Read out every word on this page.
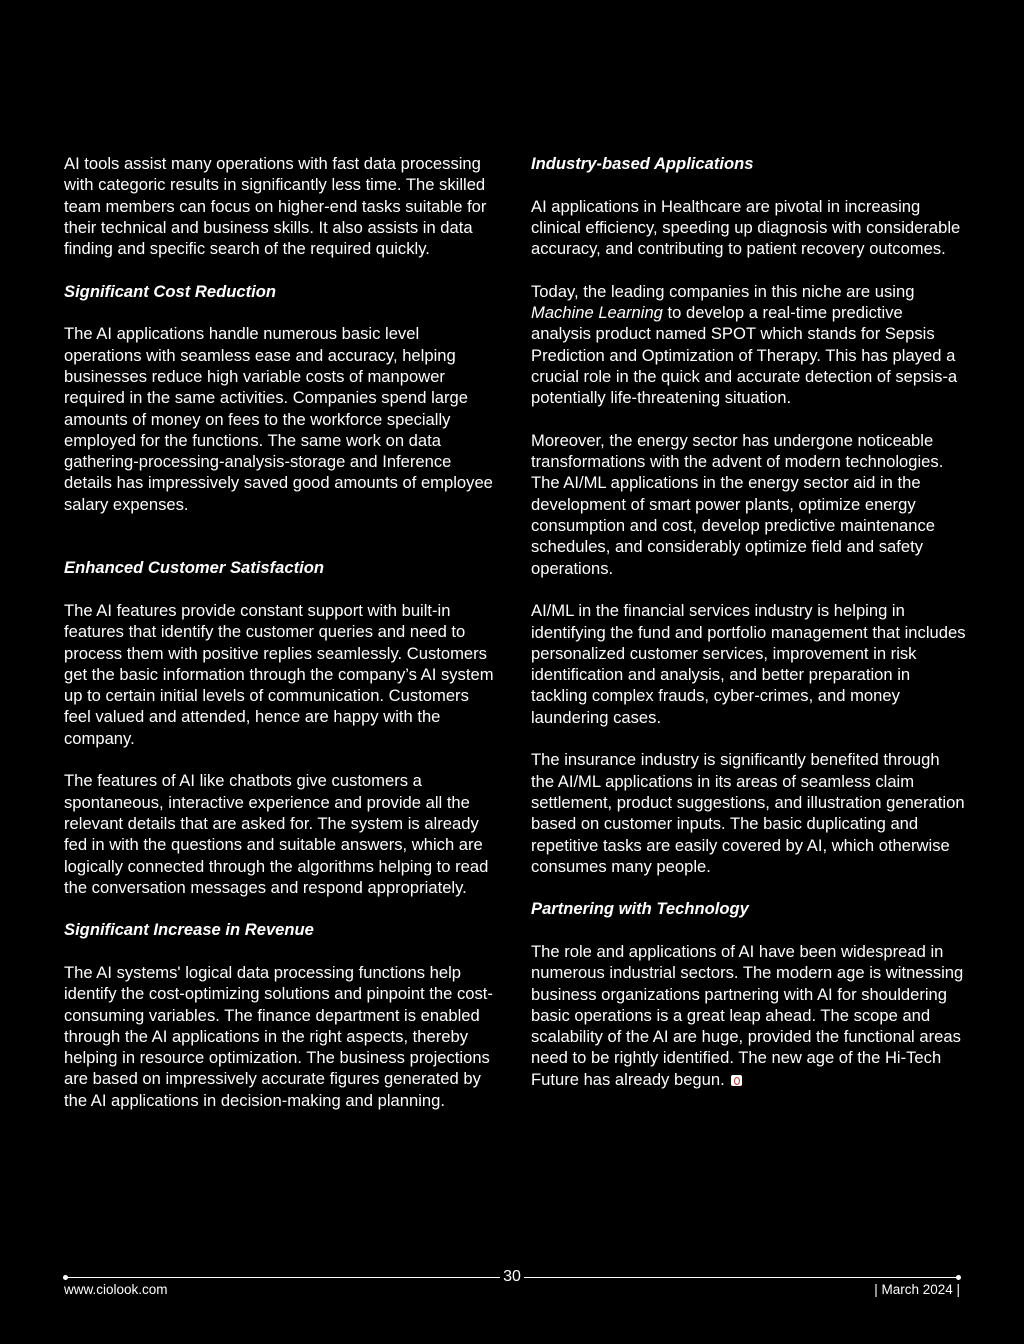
AI tools assist many operations with fast data processing with categoric results in significantly less time. The skilled team members can focus on higher-end tasks suitable for their technical and business skills. It also assists in data finding and specific search of the required quickly.

Significant Cost Reduction

The AI applications handle numerous basic level operations with seamless ease and accuracy, helping businesses reduce high variable costs of manpower required in the same activities. Companies spend large amounts of money on fees to the workforce specially employed for the functions. The same work on data gathering-processing-analysis-storage and Inference details has impressively saved good amounts of employee salary expenses.

Enhanced Customer Satisfaction

The AI features provide constant support with built-in features that identify the customer queries and need to process them with positive replies seamlessly. Customers get the basic information through the company’s AI system up to certain initial levels of communication. Customers feel valued and attended, hence are happy with the company.

The features of AI like chatbots give customers a spontaneous, interactive experience and provide all the relevant details that are asked for. The system is already fed in with the questions and suitable answers, which are logically connected through the algorithms helping to read the conversation messages and respond appropriately.

Significant Increase in Revenue

The AI systems' logical data processing functions help identify the cost-optimizing solutions and pinpoint the cost-consuming variables. The finance department is enabled through the AI applications in the right aspects, thereby helping in resource optimization. The business projections are based on impressively accurate figures generated by the AI applications in decision-making and planning.

Industry-based Applications

AI applications in Healthcare are pivotal in increasing clinical efficiency, speeding up diagnosis with considerable accuracy, and contributing to patient recovery outcomes.

Today, the leading companies in this niche are using Machine Learning to develop a real-time predictive analysis product named SPOT which stands for Sepsis Prediction and Optimization of Therapy. This has played a crucial role in the quick and accurate detection of sepsis-a potentially life-threatening situation.

Moreover, the energy sector has undergone noticeable transformations with the advent of modern technologies. The AI/ML applications in the energy sector aid in the development of smart power plants, optimize energy consumption and cost, develop predictive maintenance schedules, and considerably optimize field and safety operations.

AI/ML in the financial services industry is helping in identifying the fund and portfolio management that includes personalized customer services, improvement in risk identification and analysis, and better preparation in tackling complex frauds, cyber-crimes, and money laundering cases.

The insurance industry is significantly benefited through the AI/ML applications in its areas of seamless claim settlement, product suggestions, and illustration generation based on customer inputs. The basic duplicating and repetitive tasks are easily covered by AI, which otherwise consumes many people.

Partnering with Technology

The role and applications of AI have been widespread in numerous industrial sectors. The modern age is witnessing business organizations partnering with AI for shouldering basic operations is a great leap ahead. The scope and scalability of the AI are huge, provided the functional areas need to be rightly identified. The new age of the Hi-Tech Future has already begun.

30
www.ciolook.com	| March 2024 |
